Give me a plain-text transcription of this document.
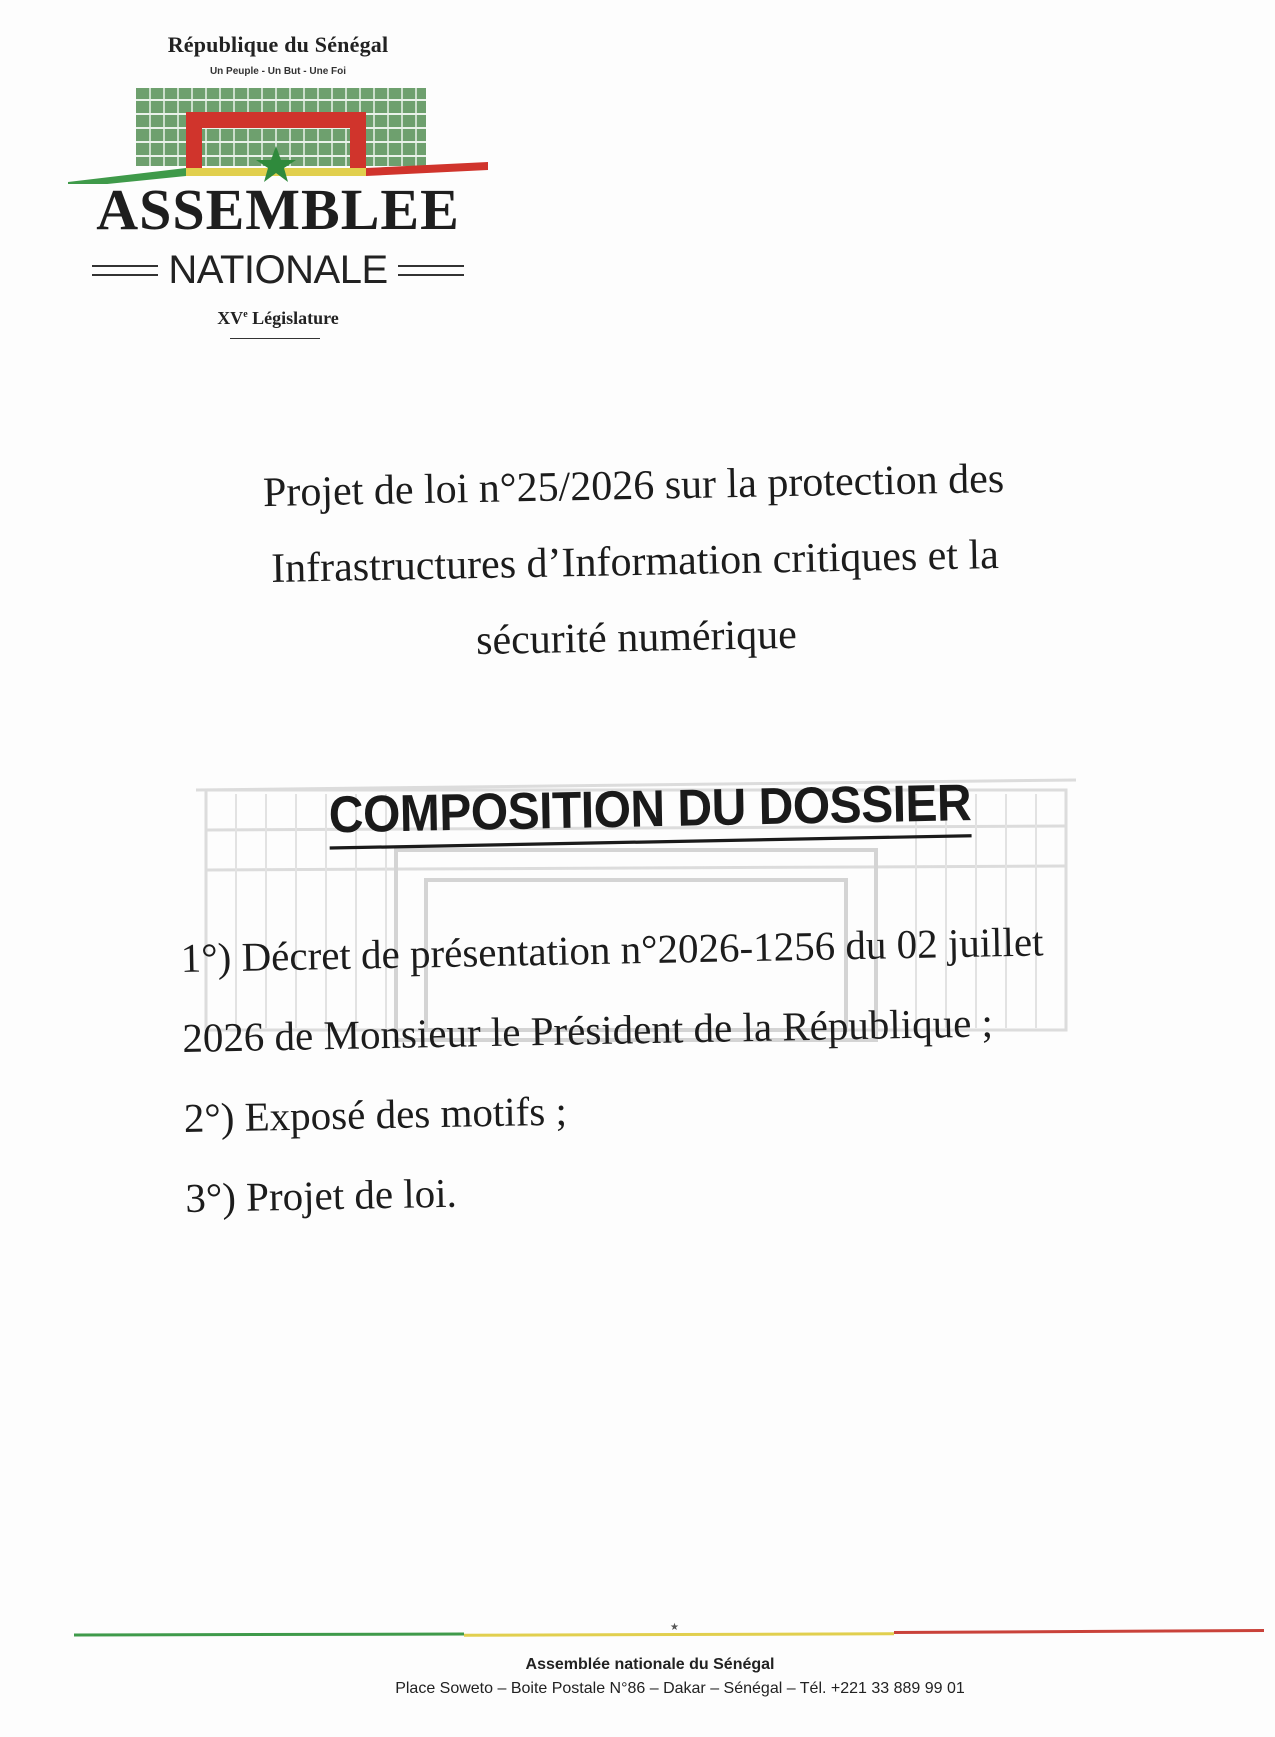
République du Sénégal
Un Peuple - Un But - Une Foi
ASSEMBLEE
NATIONALE
XVe Législature
Projet de loi n°25/2026 sur la protection des
Infrastructures d’Information critiques et la
sécurité numérique
COMPOSITION DU DOSSIER
1°) Décret de présentation n°2026-1256 du 02 juillet
2026 de Monsieur le Président de la République ;
2°) Exposé des motifs ;
3°) Projet de loi.
★
Assemblée nationale du Sénégal
Place Soweto – Boite Postale N°86 – Dakar – Sénégal – Tél. +221 33 889 99 01
